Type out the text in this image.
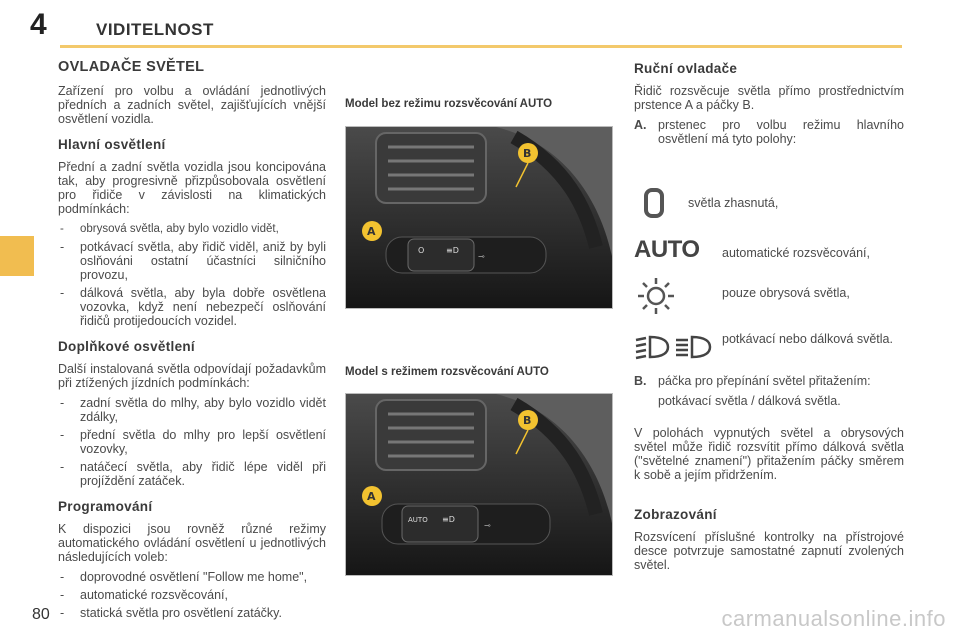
4	VIDITELNOST
80
OVLADAČE SVĚTEL

Zařízení pro volbu a ovládání jednotlivých předních a zadních světel, zajišťujících vnější osvětlení vozidla.

Hlavní osvětlení

Přední a zadní světla vozidla jsou koncipována tak, aby progresivně přizpůsobovala osvětlení pro řidiče v závislosti na klimatických podmínkách:

- obrysová světla, aby bylo vozidlo vidět,
- potkávací světla, aby řidič viděl, aniž by byli oslňováni ostatní účastníci silničního provozu,
- dálková světla, aby byla dobře osvětlena vozovka, když není nebezpečí oslňování řidičů protijedoucích vozidel.
Doplňkové osvětlení

Další instalovaná světla odpovídají požadavkům při ztížených jízdních podmínkách:

- zadní světla do mlhy, aby bylo vozidlo vidět zdálky,
- přední světla do mlhy pro lepší osvětlení vozovky,
- natáčecí světla, aby řidič lépe viděl při projíždění zatáček.
Programování

K dispozici jsou rovněž různé režimy automatického ovládání osvětlení u jednotlivých následujících voleb:

- doprovodné osvětlení "Follow me home",
- automatické rozsvěcování,
- statická světla pro osvětlení zatáčky.
Model bez režimu rozsvěcování AUTO
O	≡D
⊸
A
B
Model s režimem rozsvěcování AUTO
AUTO ≡D
⊸
A
B
Ruční ovladače

Řidič rozsvěcuje světla přímo prostřednictvím prstence A a páčky B.

A. prstenec pro volbu režimu hlavního osvětlení má tyto polohy:
světla zhasnutá,
AUTO automatické rozsvěcování,
pouze obrysová světla,
potkávací nebo dálková světla.
B. páčka pro přepínání světel přitažením:

potkávací světla / dálková světla.

V polohách vypnutých světel a obrysových světel může řidič rozsvítit přímo dálková světla ("světelné znamení") přitažením páčky směrem k sobě a jejím přidržením.

Zobrazování

Rozsvícení příslušné kontrolky na přístrojové desce potvrzuje samostatné zapnutí zvolených světel.

carmanualsonline.info
